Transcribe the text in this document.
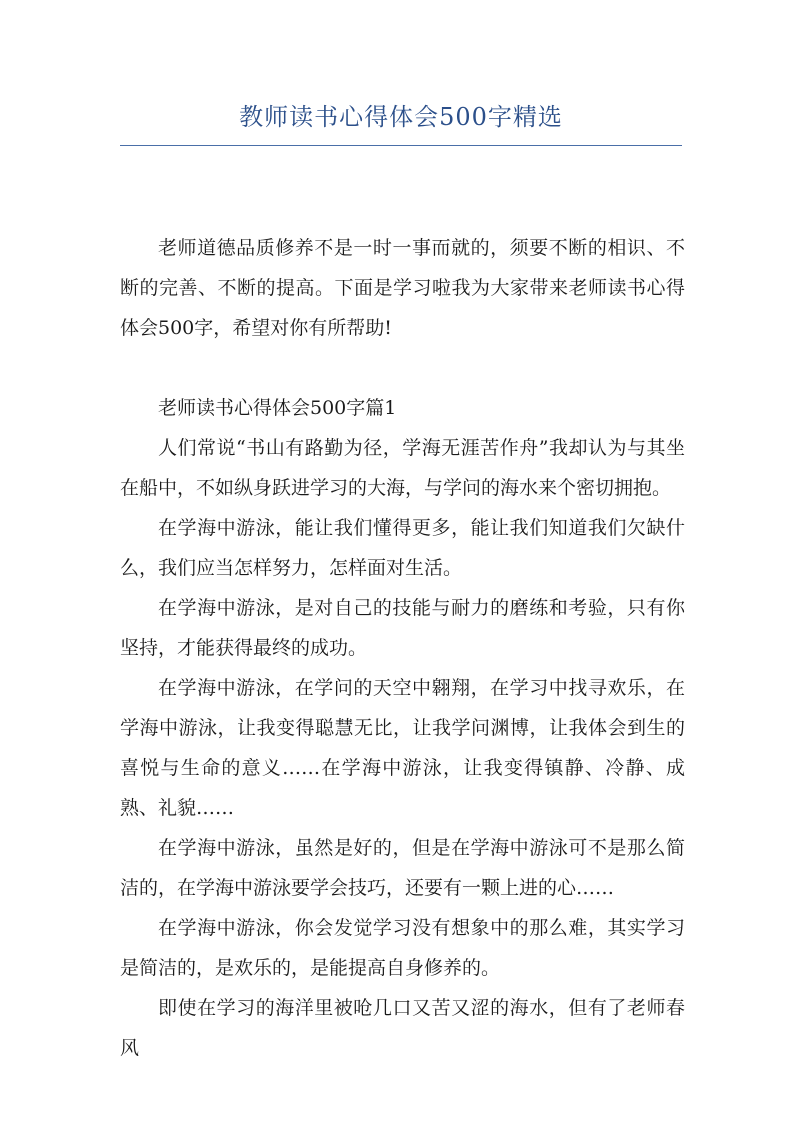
教师读书心得体会500字精选

老师道德品质修养不是一时一事而就的，须要不断的相识、不断的完善、不断的提高。下面是学习啦我为大家带来老师读书心得体会500字，希望对你有所帮助!

老师读书心得体会500字篇1

人们常说“书山有路勤为径，学海无涯苦作舟”我却认为与其坐在船中，不如纵身跃进学习的大海，与学问的海水来个密切拥抱。

在学海中游泳，能让我们懂得更多，能让我们知道我们欠缺什么，我们应当怎样努力，怎样面对生活。

在学海中游泳，是对自己的技能与耐力的磨练和考验，只有你坚持，才能获得最终的成功。

在学海中游泳，在学问的天空中翱翔，在学习中找寻欢乐，在学海中游泳，让我变得聪慧无比，让我学问渊博，让我体会到生的喜悦与生命的意义……在学海中游泳，让我变得镇静、冷静、成熟、礼貌……

在学海中游泳，虽然是好的，但是在学海中游泳可不是那么简洁的，在学海中游泳要学会技巧，还要有一颗上进的心……

在学海中游泳，你会发觉学习没有想象中的那么难，其实学习是简洁的，是欢乐的，是能提高自身修养的。

即使在学习的海洋里被呛几口又苦又涩的海水，但有了老师春风
